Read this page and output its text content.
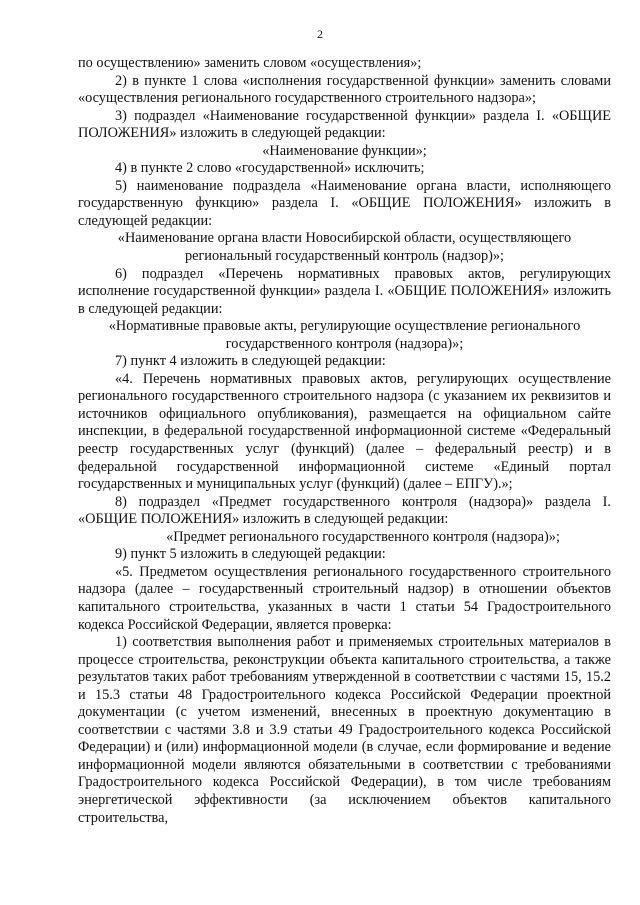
2

по осуществлению» заменить словом «осуществления»;

2) в пункте 1 слова «исполнения государственной функции» заменить словами «осуществления регионального государственного строительного надзора»;

3) подраздел «Наименование государственной функции» раздела I. «ОБЩИЕ ПОЛОЖЕНИЯ» изложить в следующей редакции:

«Наименование функции»;

4) в пункте 2 слово «государственной» исключить;

5) наименование подраздела «Наименование органа власти, исполняющего государственную функцию» раздела I. «ОБЩИЕ ПОЛОЖЕНИЯ» изложить в следующей редакции:

«Наименование органа власти Новосибирской области, осуществляющего региональный государственный контроль (надзор)»;

6) подраздел «Перечень нормативных правовых актов, регулирующих исполнение государственной функции» раздела I. «ОБЩИЕ ПОЛОЖЕНИЯ» изложить в следующей редакции:

«Нормативные правовые акты, регулирующие осуществление регионального государственного контроля (надзора)»;

7) пункт 4 изложить в следующей редакции:

«4. Перечень нормативных правовых актов, регулирующих осуществление регионального государственного строительного надзора (с указанием их реквизитов и источников официального опубликования), размещается на официальном сайте инспекции, в федеральной государственной информационной системе «Федеральный реестр государственных услуг (функций) (далее – федеральный реестр) и в федеральной государственной информационной системе «Единый портал государственных и муниципальных услуг (функций) (далее – ЕПГУ).»;

8) подраздел «Предмет государственного контроля (надзора)» раздела I. «ОБЩИЕ ПОЛОЖЕНИЯ» изложить в следующей редакции:

«Предмет регионального государственного контроля (надзора)»;

9) пункт 5 изложить в следующей редакции:

«5. Предметом осуществления регионального государственного строительного надзора (далее – государственный строительный надзор) в отношении объектов капитального строительства, указанных в части 1 статьи 54 Градостроительного кодекса Российской Федерации, является проверка:

1) соответствия выполнения работ и применяемых строительных материалов в процессе строительства, реконструкции объекта капитального строительства, а также результатов таких работ требованиям утвержденной в соответствии с частями 15, 15.2 и 15.3 статьи 48 Градостроительного кодекса Российской Федерации проектной документации (с учетом изменений, внесенных в проектную документацию в соответствии с частями 3.8 и 3.9 статьи 49 Градостроительного кодекса Российской Федерации) и (или) информационной модели (в случае, если формирование и ведение информационной модели являются обязательными в соответствии с требованиями Градостроительного кодекса Российской Федерации), в том числе требованиям энергетической эффективности (за исключением объектов капитального строительства,
